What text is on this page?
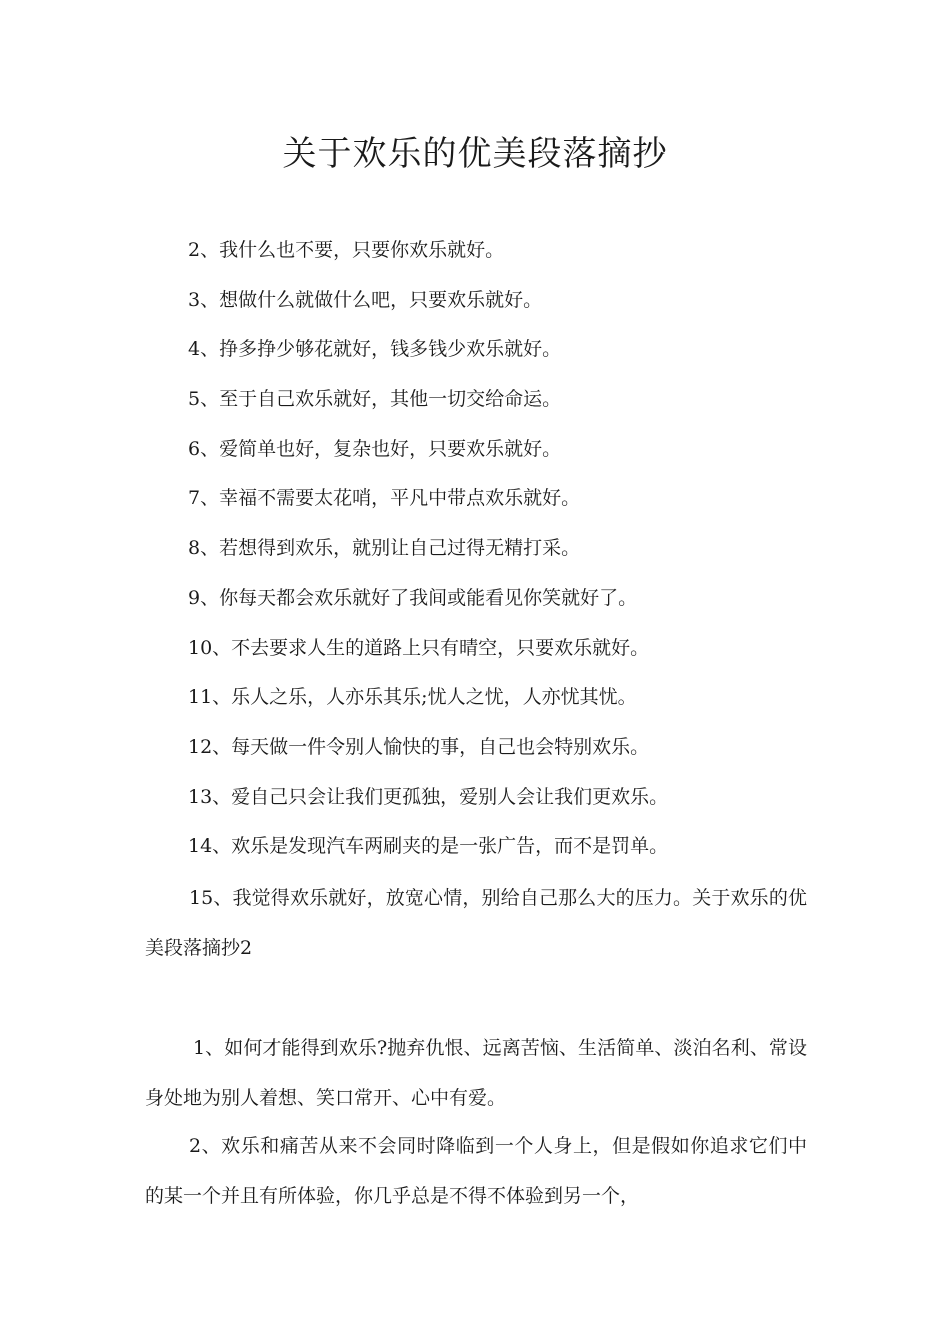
关于欢乐的优美段落摘抄

2、我什么也不要，只要你欢乐就好。

3、想做什么就做什么吧，只要欢乐就好。

4、挣多挣少够花就好，钱多钱少欢乐就好。

5、至于自己欢乐就好，其他一切交给命运。

6、爱简单也好，复杂也好，只要欢乐就好。

7、幸福不需要太花哨，平凡中带点欢乐就好。

8、若想得到欢乐，就别让自己过得无精打采。

9、你每天都会欢乐就好了我间或能看见你笑就好了。

10、不去要求人生的道路上只有晴空，只要欢乐就好。

11、乐人之乐，人亦乐其乐;忧人之忧，人亦忧其忧。

12、每天做一件令别人愉快的事，自己也会特别欢乐。

13、爱自己只会让我们更孤独，爱别人会让我们更欢乐。

14、欢乐是发现汽车两刷夹的是一张广告，而不是罚单。

15、我觉得欢乐就好，放宽心情，别给自己那么大的压力。关于欢乐的优美段落摘抄2

1、如何才能得到欢乐?抛弃仇恨、远离苦恼、生活简单、淡泊名利、常设身处地为别人着想、笑口常开、心中有爱。

2、欢乐和痛苦从来不会同时降临到一个人身上，但是假如你追求它们中的某一个并且有所体验，你几乎总是不得不体验到另一个，
